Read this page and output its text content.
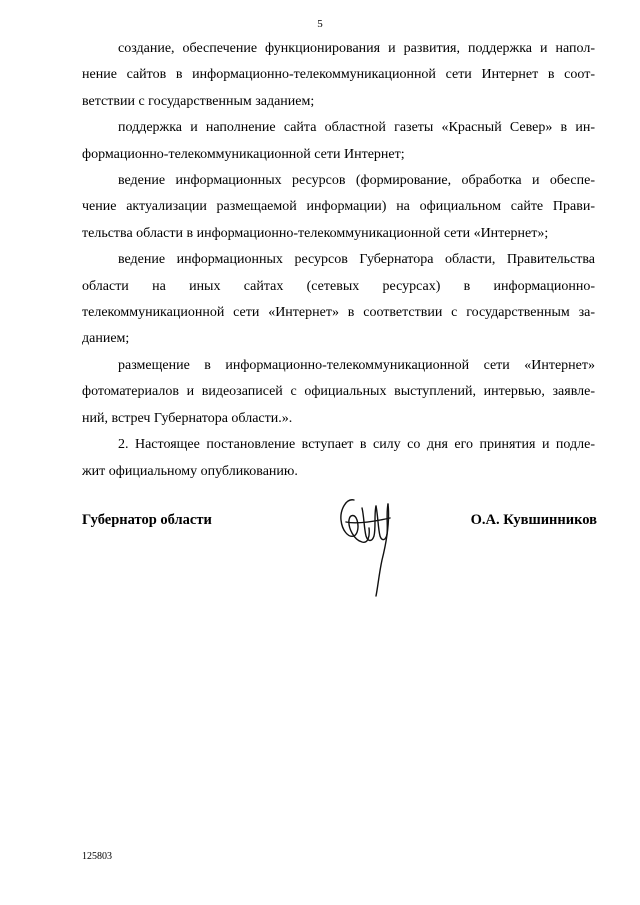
5

создание, обеспечение функционирования и развития, поддержка и напол-
нение сайтов в информационно-телекоммуникационной сети Интернет в соот-
ветствии с государственным заданием;

поддержка и наполнение сайта областной газеты «Красный Север» в ин-
формационно-телекоммуникационной сети Интернет;

ведение информационных ресурсов (формирование, обработка и обеспе-
чение актуализации размещаемой информации) на официальном сайте Прави-
тельства области в информационно-телекоммуникационной сети «Интернет»;

ведение информационных ресурсов Губернатора области, Правительства
области на иных сайтах (сетевых ресурсах) в информационно-
телекоммуникационной сети «Интернет» в соответствии с государственным за-
данием;

размещение в информационно-телекоммуникационной сети «Интернет»
фотоматериалов и видеозаписей с официальных выступлений, интервью, заявле-
ний, встреч Губернатора области.».

2. Настоящее постановление вступает в силу со дня его принятия и подле-
жит официальному опубликованию.

Губернатор области	О.А. Кувшинников
125803
